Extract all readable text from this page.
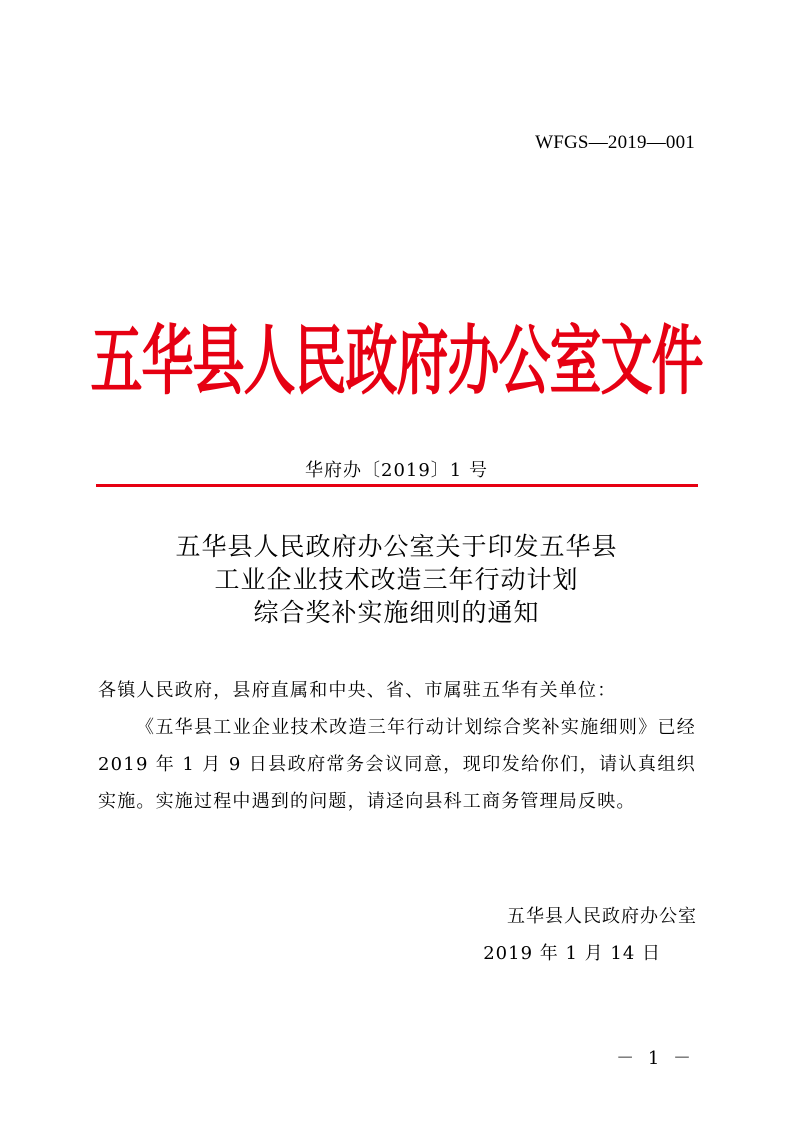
WFGS—2019—001
五华县人民政府办公室文件
华府办〔2019〕1 号
五华县人民政府办公室关于印发五华县
工业企业技术改造三年行动计划
综合奖补实施细则的通知

各镇人民政府，县府直属和中央、省、市属驻五华有关单位：

《五华县工业企业技术改造三年行动计划综合奖补实施细则》已经 2019 年 1 月 9 日县政府常务会议同意，现印发给你们，请认真组织实施。实施过程中遇到的问题，请迳向县科工商务管理局反映。

五华县人民政府办公室
2019 年 1 月 14 日
－ 1 －
